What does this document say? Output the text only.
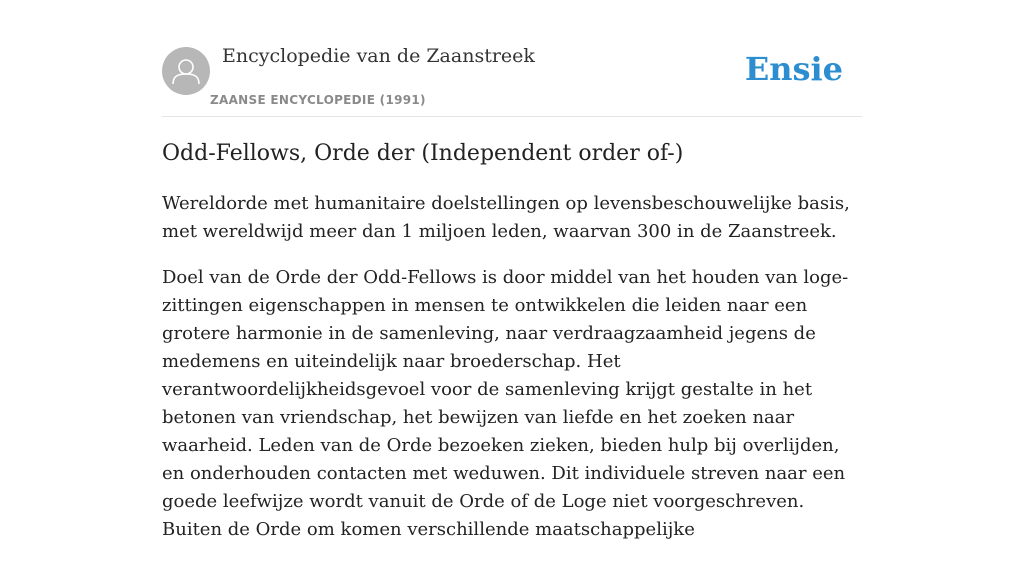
Encyclopedie van de Zaanstreek
ZAANSE ENCYCLOPEDIE (1991)
Ensie
Odd-Fellows, Orde der (Independent order of-)

Wereldorde met humanitaire doelstellingen op levensbeschouwelijke basis, met wereldwijd meer dan 1 miljoen leden, waarvan 300 in de Zaanstreek.

Doel van de Orde der Odd-Fellows is door middel van het houden van loge-zittingen eigenschappen in mensen te ontwikkelen die leiden naar een grotere harmonie in de samenleving, naar verdraagzaamheid jegens de medemens en uiteindelijk naar broederschap. Het verantwoordelijkheidsgevoel voor de samenleving krijgt gestalte in het betonen van vriendschap, het bewijzen van liefde en het zoeken naar waarheid. Leden van de Orde bezoeken zieken, bieden hulp bij overlijden, en onderhouden contacten met weduwen. Dit individuele streven naar een goede leefwijze wordt vanuit de Orde of de Loge niet voorgeschreven. Buiten de Orde om komen verschillende maatschappelijke
